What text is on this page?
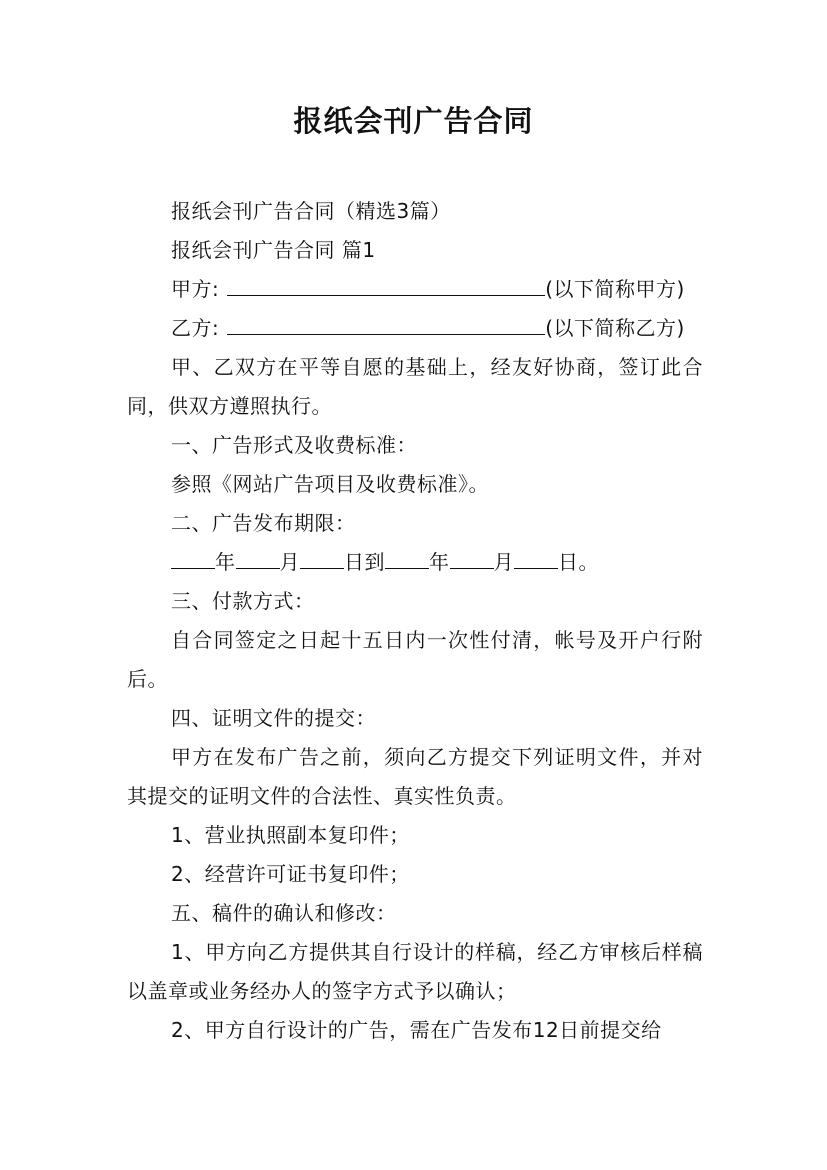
报纸会刊广告合同

报纸会刊广告合同（精选3篇）

报纸会刊广告合同 篇1

甲方:	(以下简称甲方)

乙方:	(以下简称乙方)

甲、乙双方在平等自愿的基础上，经友好协商，签订此合同，供双方遵照执行。

一、广告形式及收费标准：

参照《网站广告项目及收费标准》。

二、广告发布期限：

年 月 日到 年 月 日。

三、付款方式：

自合同签定之日起十五日内一次性付清，帐号及开户行附后。

四、证明文件的提交：

甲方在发布广告之前，须向乙方提交下列证明文件，并对其提交的证明文件的合法性、真实性负责。

1、营业执照副本复印件；

2、经营许可证书复印件；

五、稿件的确认和修改：

1、甲方向乙方提供其自行设计的样稿，经乙方审核后样稿以盖章或业务经办人的签字方式予以确认；

2、甲方自行设计的广告，需在广告发布12日前提交给
